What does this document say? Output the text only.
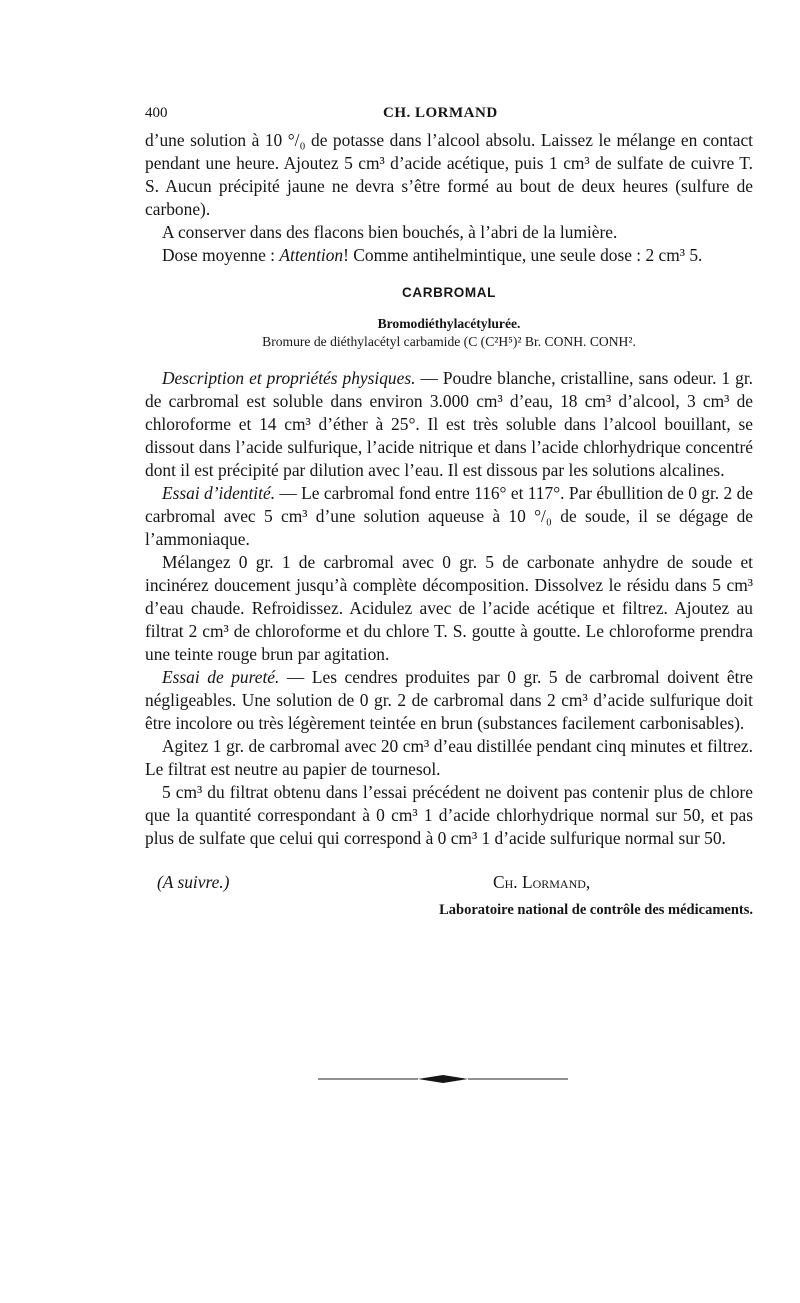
400	CH. LORMAND

d’une solution à 10 °/₀ de potasse dans l’alcool absolu. Laissez le mélange en contact pendant une heure. Ajoutez 5 cm³ d’acide acétique, puis 1 cm³ de sulfate de cuivre T. S. Aucun précipité jaune ne devra s’être formé au bout de deux heures (sulfure de carbone).

A conserver dans des flacons bien bouchés, à l’abri de la lumière.

Dose moyenne : Attention! Comme antihelmintique, une seule dose : 2 cm³ 5.

CARBROMAL
Bromodiéthylacétylurée.
Bromure de diéthylacétyl carbamide (C (C²H⁵)² Br. CONH. CONH².

Description et propriétés physiques. — Poudre blanche, cristalline, sans odeur. 1 gr. de carbromal est soluble dans environ 3.000 cm³ d’eau, 18 cm³ d’alcool, 3 cm³ de chloroforme et 14 cm³ d’éther à 25°. Il est très soluble dans l’alcool bouillant, se dissout dans l’acide sulfurique, l’acide nitrique et dans l’acide chlorhydrique concentré dont il est précipité par dilution avec l’eau. Il est dissous par les solutions alcalines.

Essai d’identité. — Le carbromal fond entre 116° et 117°. Par ébullition de 0 gr. 2 de carbromal avec 5 cm³ d’une solution aqueuse à 10 °/₀ de soude, il se dégage de l’ammoniaque.

Mélangez 0 gr. 1 de carbromal avec 0 gr. 5 de carbonate anhydre de soude et incinérez doucement jusqu’à complète décomposition. Dissolvez le résidu dans 5 cm³ d’eau chaude. Refroidissez. Acidulez avec de l’acide acétique et filtrez. Ajoutez au filtrat 2 cm³ de chloroforme et du chlore T. S. goutte à goutte. Le chloroforme prendra une teinte rouge brun par agitation.

Essai de pureté. — Les cendres produites par 0 gr. 5 de carbromal doivent être négligeables. Une solution de 0 gr. 2 de carbromal dans 2 cm³ d’acide sulfurique doit être incolore ou très légèrement teintée en brun (substances facilement carbonisables).

Agitez 1 gr. de carbromal avec 20 cm³ d’eau distillée pendant cinq minutes et filtrez. Le filtrat est neutre au papier de tournesol.

5 cm³ du filtrat obtenu dans l’essai précédent ne doivent pas contenir plus de chlore que la quantité correspondant à 0 cm³ 1 d’acide chlorhydrique normal sur 50, et pas plus de sulfate que celui qui correspond à 0 cm³ 1 d’acide sulfurique normal sur 50.

(A suivre.)	Ch. Lormand,
Laboratoire national de contrôle des médicaments.
